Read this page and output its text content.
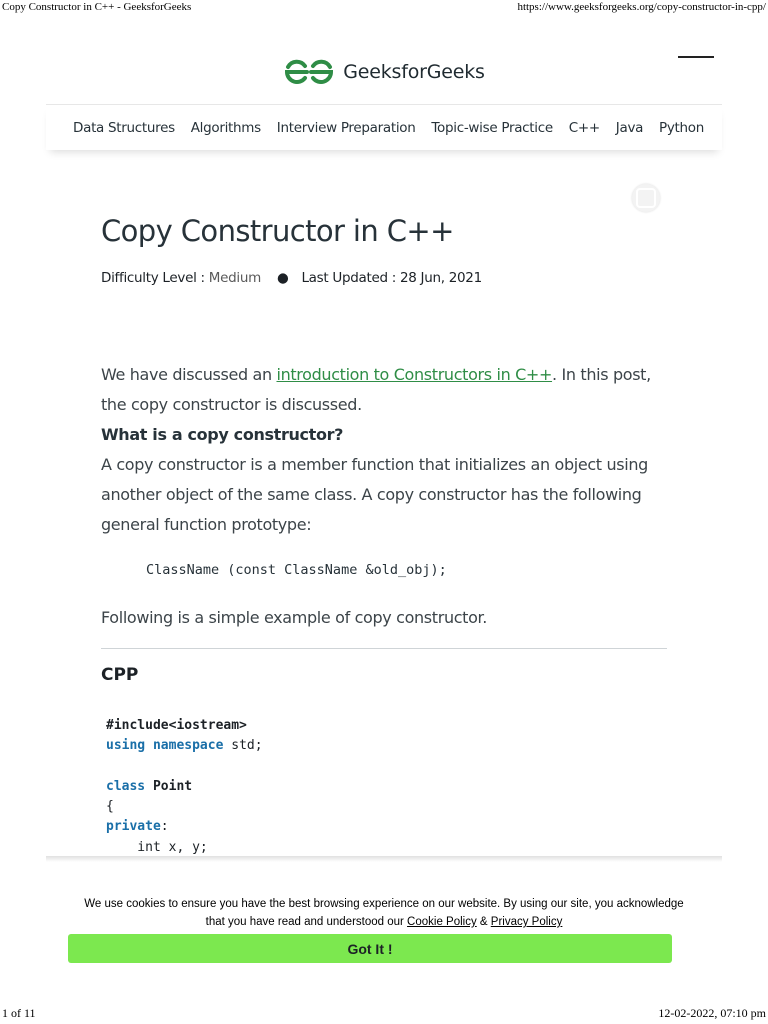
Copy Constructor in C++ - GeeksforGeeks	https://www.geeksforgeeks.org/copy-constructor-in-cpp/
GeeksforGeeks
Data Structures Algorithms Interview Preparation Topic-wise Practice C++ Java Python
Copy Constructor in C++
Difficulty Level : Medium ● Last Updated : 28 Jun, 2021

We have discussed an introduction to Constructors in C++. In this post, the copy constructor is discussed.

What is a copy constructor?

A copy constructor is a member function that initializes an object using another object of the same class. A copy constructor has the following general function prototype:

ClassName (const ClassName &old_obj);
Following is a simple example of copy constructor.
CPP
#include<iostream>
using namespace std;

class Point
{
private:
int x, y;
We use cookies to ensure you have the best browsing experience on our website. By using our site, you acknowledge
that you have read and understood our Cookie Policy & Privacy Policy
Got It !
1 of 11	12-02-2022, 07:10 pm
